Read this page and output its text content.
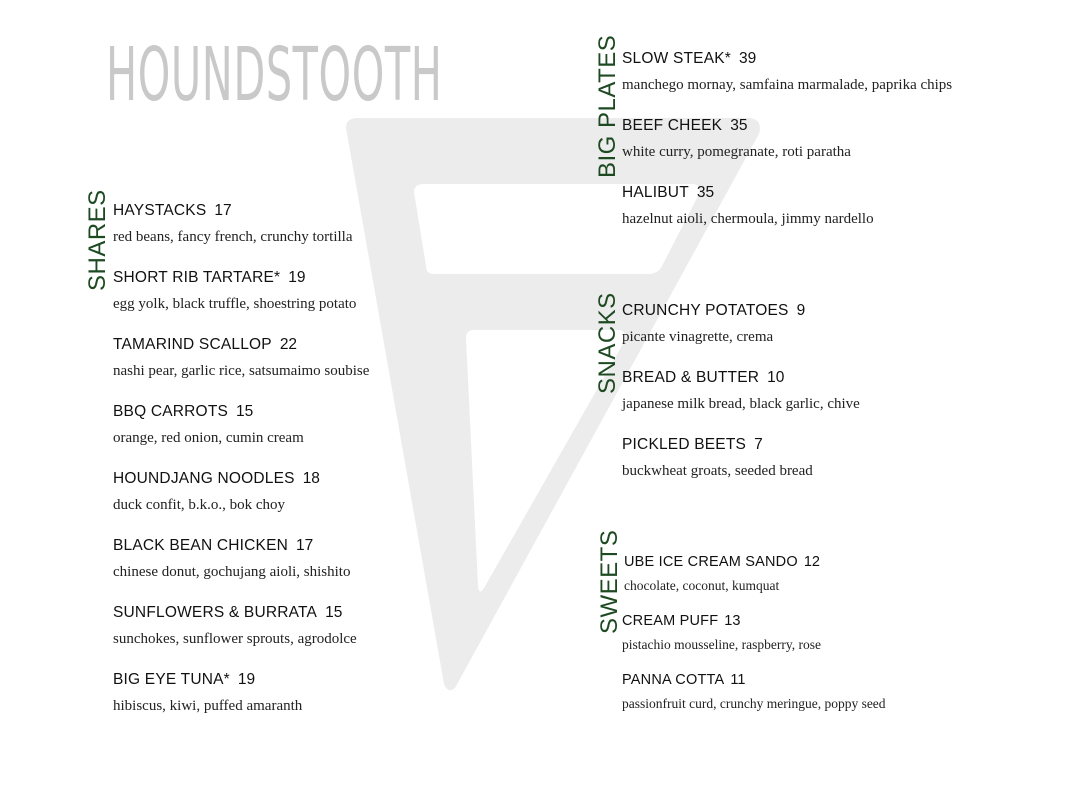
HOUNDSTOOTH
SHARES HAYSTACKS 17
red beans, fancy french, crunchy tortilla
SHORT RIB TARTARE* 19
egg yolk, black truffle, shoestring potato
TAMARIND SCALLOP 22
nashi pear, garlic rice, satsumaimo soubise
BBQ CARROTS 15
orange, red onion, cumin cream
HOUNDJANG NOODLES 18
duck confit, b.k.o., bok choy
BLACK BEAN CHICKEN 17
chinese donut, gochujang aioli, shishito
SUNFLOWERS & BURRATA 15
sunchokes, sunflower sprouts, agrodolce
BIG EYE TUNA* 19
hibiscus, kiwi, puffed amaranth
BIG PLATES SLOW STEAK* 39
manchego mornay, samfaina marmalade, paprika chips
BEEF CHEEK 35
white curry, pomegranate, roti paratha
HALIBUT 35
hazelnut aioli, chermoula, jimmy nardello
SNACKS CRUNCHY POTATOES 9
picante vinagrette, crema
BREAD & BUTTER 10
japanese milk bread, black garlic, chive
PICKLED BEETS 7
buckwheat groats, seeded bread
SWEETS UBE ICE CREAM SANDO 12
chocolate, coconut, kumquat
CREAM PUFF 13
pistachio mousseline, raspberry, rose
PANNA COTTA 11
passionfruit curd, crunchy meringue, poppy seed
